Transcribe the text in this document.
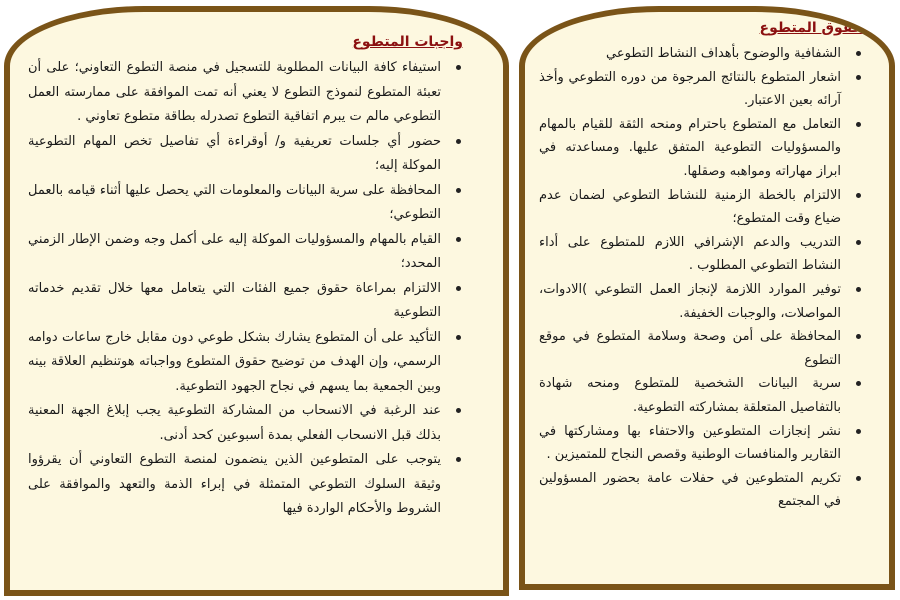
حقوق المتطوع
الشفافية والوضوح بأهداف النشاط التطوعي
اشعار المتطوع بالنتائج المرجوة من دوره التطوعي وأخذ آرائه بعين الاعتبار.
التعامل مع المتطوع باحترام ومنحه الثقة للقيام بالمهام والمسؤوليات التطوعية المتفق عليها. ومساعدته في ابراز مهاراته ومواهبه وصقلها.
الالتزام بالخطة الزمنية للنشاط التطوعي لضمان عدم ضياع وقت المتطوع؛
التدريب والدعم الإشرافي اللازم للمتطوع على أداء النشاط التطوعي المطلوب .
توفير الموارد اللازمة لإنجاز العمل التطوعي )الادوات، المواصلات، والوجبات الخفيفة.
المحافظة على أمن وصحة وسلامة المتطوع في موقع التطوع
سرية البيانات الشخصية للمتطوع ومنحه شهادة بالتفاصيل المتعلقة بمشاركته التطوعية.
نشر إنجازات المتطوعين والاحتفاء بها ومشاركتها في التقارير والمنافسات الوطنية وقصص النجاح للمتميزين .
تكريم المتطوعين في حفلات عامة بحضور المسؤولين في المجتمع
واجبات المتطوع
استيفاء كافة البيانات المطلوبة للتسجيل في منصة التطوع التعاوني؛ على أن تعبئة المتطوع لنموذج التطوع لا يعني أنه تمت الموافقة على ممارسته العمل التطوعي مالم ت يبرم اتفاقية التطوع تصدرله بطاقة متطوع تعاوني .
حضور أي جلسات تعريفية و/ أوقراءة أي تفاصيل تخص المهام التطوعية الموكلة إليه؛
المحافظة على سرية البيانات والمعلومات التي يحصل عليها أثناء قيامه بالعمل التطوعي؛
القيام بالمهام والمسؤوليات الموكلة إليه على أكمل وجه وضمن الإطار الزمني المحدد؛
الالتزام بمراعاة حقوق جميع الفئات التي يتعامل معها خلال تقديم خدماته التطوعية
التأكيد على أن المتطوع يشارك بشكل طوعي دون مقابل خارج ساعات دوامه الرسمي، وإن الهدف من توضيح حقوق المتطوع وواجباته هوتنظيم العلاقة بينه وبين الجمعية بما يسهم في نجاح الجهود التطوعية.
عند الرغبة في الانسحاب من المشاركة التطوعية يجب إبلاغ الجهة المعنية بذلك قبل الانسحاب الفعلي بمدة أسبوعين كحد أدنى.
يتوجب على المتطوعين الذين ينضمون لمنصة التطوع التعاوني أن يقرؤوا وثيقة السلوك التطوعي المتمثلة في إبراء الذمة والتعهد والموافقة على الشروط والأحكام الواردة فيها
